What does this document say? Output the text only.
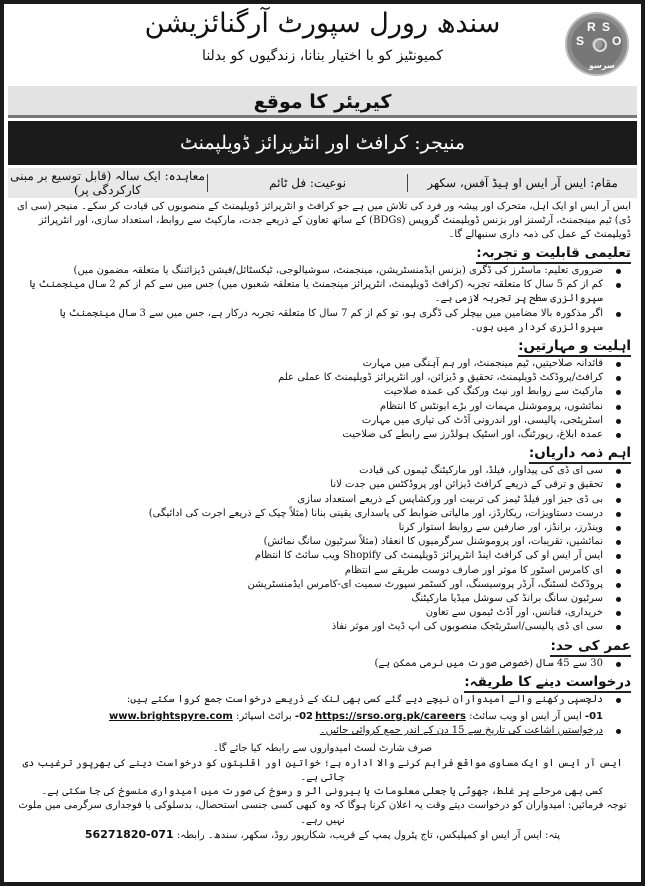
سندھ رورل سپورٹ آرگنائزیشن
کمیونٹیز کو با اختیار بنانا، زندگیوں کو بدلنا
S
R S
O
سرسو
کیریئر کا موقع
منیجر: کرافٹ اور انٹرپرائز ڈویلپمنٹ
مقام: ایس آر ایس او ہیڈ آفس، سکھر
نوعیت: فل ٹائم
معاہدہ: ایک سالہ (قابل توسیع بر مبنی کارکردگی پر)

ایس آر ایس او ایک اہل، متحرک اور پیشہ ور فرد کی تلاش میں ہے جو کرافٹ و انٹرپرائز ڈویلپمنٹ کے منصوبوں کی قیادت کر سکے۔ منیجر (سی ای ڈی) ٹیم مینجمنٹ، آرٹسنز اور بزنس ڈویلپمنٹ گروپس (BDGs) کے ساتھ تعاون کے ذریعے جدت، مارکیٹ سے روابط، استعداد سازی، اور انٹرپرائز ڈویلپمنٹ کے عمل کی ذمہ داری سنبھالے گا۔

تعلیمی قابلیت و تجربہ:
ضروری تعلیم: ماسٹرز کی ڈگری (بزنس ایڈمنسٹریشن، مینجمنٹ، سوشیالوجی، ٹیکسٹائل/فیشن ڈیزائننگ یا متعلقہ مضمون میں)
کم از کم 5 سال کا متعلقہ تجربہ (کرافٹ ڈویلپمنٹ، انٹرپرائز مینجمنٹ یا متعلقہ شعبوں میں) جس میں سے کم از کم 2 سال مینجمنٹ یا سپروائزری سطح پر تجربہ لازمی ہے۔
اگر مذکورہ بالا مضامین میں بیچلر کی ڈگری ہو، تو کم از کم 7 سال کا متعلقہ تجربہ درکار ہے، جس میں سے 3 سال مینجمنٹ یا سپروائزری کردار میں ہوں۔
اہلیت و مہارتیں:
قائدانہ صلاحیتیں، ٹیم مینجمنٹ، اور ہم آہنگی میں مہارت
کرافٹ/پروڈکٹ ڈویلپمنٹ، تحقیق و ڈیزائن، اور انٹرپرائز ڈویلپمنٹ کا عملی علم
مارکیٹ سے روابط اور نیٹ ورکنگ کی عمدہ صلاحیت
نمائشوں، پروموشنل مہمات اور بڑے ایونٹس کا انتظام
اسٹریٹجی، پالیسی، اور اندرونی آڈٹ کی تیاری میں مہارت
عمدہ ابلاغ، رپورٹنگ، اور اسٹیک ہولڈرز سے رابطے کی صلاحیت
اہم ذمہ داریاں:
سی ای ڈی کی پیداوار، فیلڈ، اور مارکیٹنگ ٹیموں کی قیادت
تحقیق و ترقی کے ذریعے کرافٹ ڈیزائن اور پروڈکٹس میں جدت لانا
بی ڈی جیز اور فیلڈ ٹیمز کی تربیت اور ورکشاپس کے ذریعے استعداد سازی
درست دستاویزات، ریکارڈز، اور مالیاتی ضوابط کی پاسداری یقینی بنانا (مثلاً چیک کے ذریعے اجرت کی ادائیگی)
وینڈرز، برانڈز، اور صارفین سے روابط استوار کرنا
نمائشیں، تقریبات، اور پروموشنل سرگرمیوں کا انعقاد (مثلاً سرٹیون سانگ نمائش)
ایس آر ایس او کی کرافٹ اینڈ انٹرپرائز ڈویلپمنٹ کی Shopify ویب سائٹ کا انتظام
ای کامرس اسٹور کا موثر اور صارف دوست طریقے سے انتظام
پروڈکٹ لسٹنگ، آرڈر پروسیسنگ، اور کسٹمر سپورٹ سمیت ای-کامرس ایڈمنسٹریشن
سرٹیون سانگ برانڈ کی سوشل میڈیا مارکیٹنگ
خریداری، فنانس، اور آڈٹ ٹیموں سے تعاون
سی ای ڈی پالیسی/اسٹریٹجک منصوبوں کی اپ ڈیٹ اور موثر نفاذ
عمر کی حد:
30 سے 45 سال (خصوصی صورت میں نرمی ممکن ہے)
درخواست دینے کا طریقہ:
دلچسپی رکھنے والے امیدواران نیچے دیے گئے کسی بھی لنک کے ذریعے درخواست جمع کروا سکتے ہیں:
01- ایس آر ایس او ویب سائٹ: https://srso.org.pk/careers
02- برائٹ اسپائر: www.brightspyre.com
درخواستیں اشاعت کی تاریخ سے 15 دن کے اندر جمع کروائی جائیں۔
صرف شارٹ لسٹ امیدواروں سے رابطہ کیا جائے گا۔
ایس آر ایس او ایک مساوی مواقع فراہم کرنے والا ادارہ ہے؛ خواتین اور اقلیتوں کو درخواست دینے کی بھرپور ترغیب دی جاتی ہے۔
کسی بھی مرحلے پر غلط، جھوٹی یا جعلی معلومات یا بیرونی اثر و رسوخ کی صورت میں امیدواری منسوخ کی جا سکتی ہے۔
توجہ فرمائیں: امیدواران کو درخواست دیتے وقت یہ اعلان کرنا ہوگا کہ وہ کبھی کسی جنسی استحصال، بدسلوکی یا فوجداری سرگرمی میں ملوث نہیں رہے۔
پتہ: ایس آر ایس او کمپلیکس، تاج پٹرول پمپ کے قریب، شکارپور روڈ، سکھر، سندھ۔ رابطہ: 071-56271820
